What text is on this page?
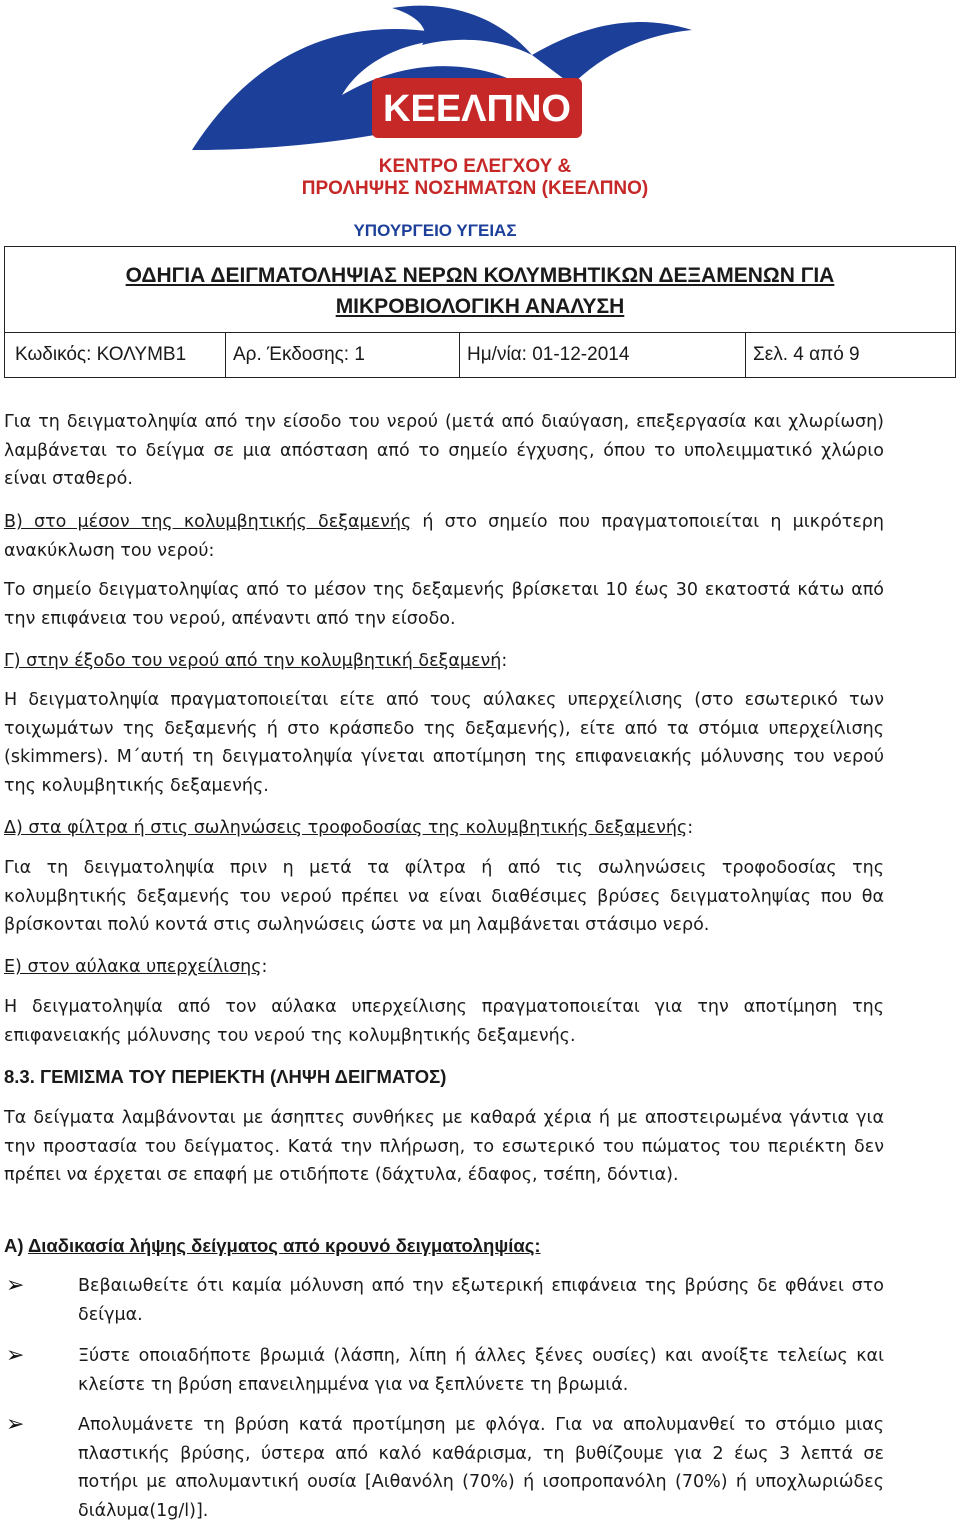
ΚΕΕΛΠΝΟ
ΚΕΝΤΡΟ ΕΛΕΓΧΟΥ &
ΠΡΟΛΗΨΗΣ ΝΟΣΗΜΑΤΩΝ (ΚΕΕΛΠΝΟ)
ΥΠΟΥΡΓΕΙΟ ΥΓΕΙΑΣ
ΟΔΗΓΙΑ ΔΕΙΓΜΑΤΟΛΗΨΙΑΣ ΝΕΡΩΝ ΚΟΛΥΜΒΗΤΙΚΩΝ ΔΕΞΑΜΕΝΩΝ ΓΙΑ
ΜΙΚΡΟΒΙΟΛΟΓΙΚΗ ΑΝΑΛΥΣΗ
Κωδικός: ΚΟΛΥΜΒ1	Αρ. Έκδοσης: 1	Ημ/νία: 01-12-2014	Σελ. 4 από 9

Για τη δειγματοληψία από την είσοδο του νερού (μετά από διαύγαση, επεξεργασία και χλωρίωση) λαμβάνεται το δείγμα σε μια απόσταση από το σημείο έγχυσης, όπου το υπολειμματικό χλώριο είναι σταθερό.

Β) στο μέσον της κολυμβητικής δεξαμενής ή στο σημείο που πραγματοποιείται η μικρότερη ανακύκλωση του νερού:

Το σημείο δειγματοληψίας από το μέσον της δεξαμενής βρίσκεται 10 έως 30 εκατοστά κάτω από την επιφάνεια του νερού, απέναντι από την είσοδο.

Γ) στην έξοδο του νερού από την κολυμβητική δεξαμενή:

Η δειγματοληψία πραγματοποιείται είτε από τους αύλακες υπερχείλισης (στο εσωτερικό των τοιχωμάτων της δεξαμενής ή στο κράσπεδο της δεξαμενής), είτε από τα στόμια υπερχείλισης (skimmers). Μ΄αυτή τη δειγματοληψία γίνεται αποτίμηση της επιφανειακής μόλυνσης του νερού της κολυμβητικής δεξαμενής.

Δ) στα φίλτρα ή στις σωληνώσεις τροφοδοσίας της κολυμβητικής δεξαμενής:

Για τη δειγματοληψία πριν η μετά τα φίλτρα ή από τις σωληνώσεις τροφοδοσίας της κολυμβητικής δεξαμενής του νερού πρέπει να είναι διαθέσιμες βρύσες δειγματοληψίας που θα βρίσκονται πολύ κοντά στις σωληνώσεις ώστε να μη λαμβάνεται στάσιμο νερό.

Ε) στον αύλακα υπερχείλισης:

Η δειγματοληψία από τον αύλακα υπερχείλισης πραγματοποιείται για την αποτίμηση της επιφανειακής μόλυνσης του νερού της κολυμβητικής δεξαμενής.

8.3. ΓΕΜΙΣΜΑ ΤΟΥ ΠΕΡΙΕΚΤΗ (ΛΗΨΗ ΔΕΙΓΜΑΤΟΣ)

Τα δείγματα λαμβάνονται με άσηπτες συνθήκες με καθαρά χέρια ή με αποστειρωμένα γάντια για την προστασία του δείγματος. Κατά την πλήρωση, το εσωτερικό του πώματος του περιέκτη δεν πρέπει να έρχεται σε επαφή με οτιδήποτε (δάχτυλα, έδαφος, τσέπη, δόντια).

Α) Διαδικασία λήψης δείγματος από κρουνό δειγματοληψίας:

➢	Βεβαιωθείτε ότι καμία μόλυνση από την εξωτερική επιφάνεια της βρύσης δε φθάνει στο δείγμα.

➢	Ξύστε οποιαδήποτε βρωμιά (λάσπη, λίπη ή άλλες ξένες ουσίες) και ανοίξτε τελείως και κλείστε τη βρύση επανειλημμένα για να ξεπλύνετε τη βρωμιά.

➢	Απολυμάνετε τη βρύση κατά προτίμηση με φλόγα. Για να απολυμανθεί το στόμιο μιας πλαστικής βρύσης, ύστερα από καλό καθάρισμα, τη βυθίζουμε για 2 έως 3 λεπτά σε ποτήρι με απολυμαντική ουσία [Αιθανόλη (70%) ή ισοπροπανόλη (70%) ή υποχλωριώδες διάλυμα(1g/l)].
